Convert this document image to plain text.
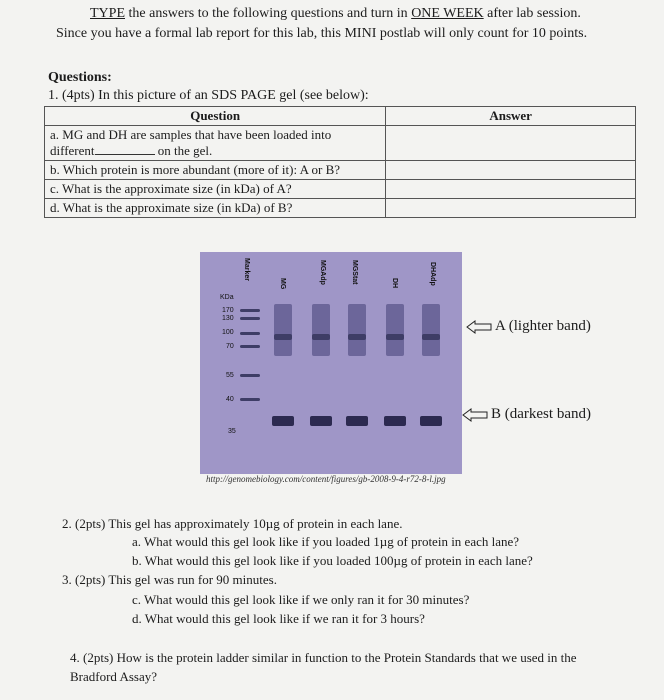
TYPE the answers to the following questions and turn in ONE WEEK after lab session.
Since you have a formal lab report for this lab, this MINI postlab will only count for 10 points.
Questions:
1. (4pts) In this picture of an SDS PAGE gel (see below):
Question	Answer

a. MG and DH are samples that have been loaded into
different on the gel.	

b. Which protein is more abundant (more of it): A or B?	
c. What is the approximate size (in kDa) of A?	
d. What is the approximate size (in kDa) of B?	
Marker
MG	MGAdp	MGStat	DH	DHAdp
KDa
170
130
100
70
55
40
35
http://genomebiology.com/content/figures/gb-2008-9-4-r72-8-l.jpg
A (lighter band)
B (darkest band)
2. (2pts) This gel has approximately 10µg of protein in each lane.
a. What would this gel look like if you loaded 1µg of protein in each lane?
b. What would this gel look like if you loaded 100µg of protein in each lane?
3. (2pts) This gel was run for 90 minutes.
c. What would this gel look like if we only ran it for 30 minutes?
d. What would this gel look like if we ran it for 3 hours?
4. (2pts) How is the protein ladder similar in function to the Protein Standards that we used in the
Bradford Assay?
